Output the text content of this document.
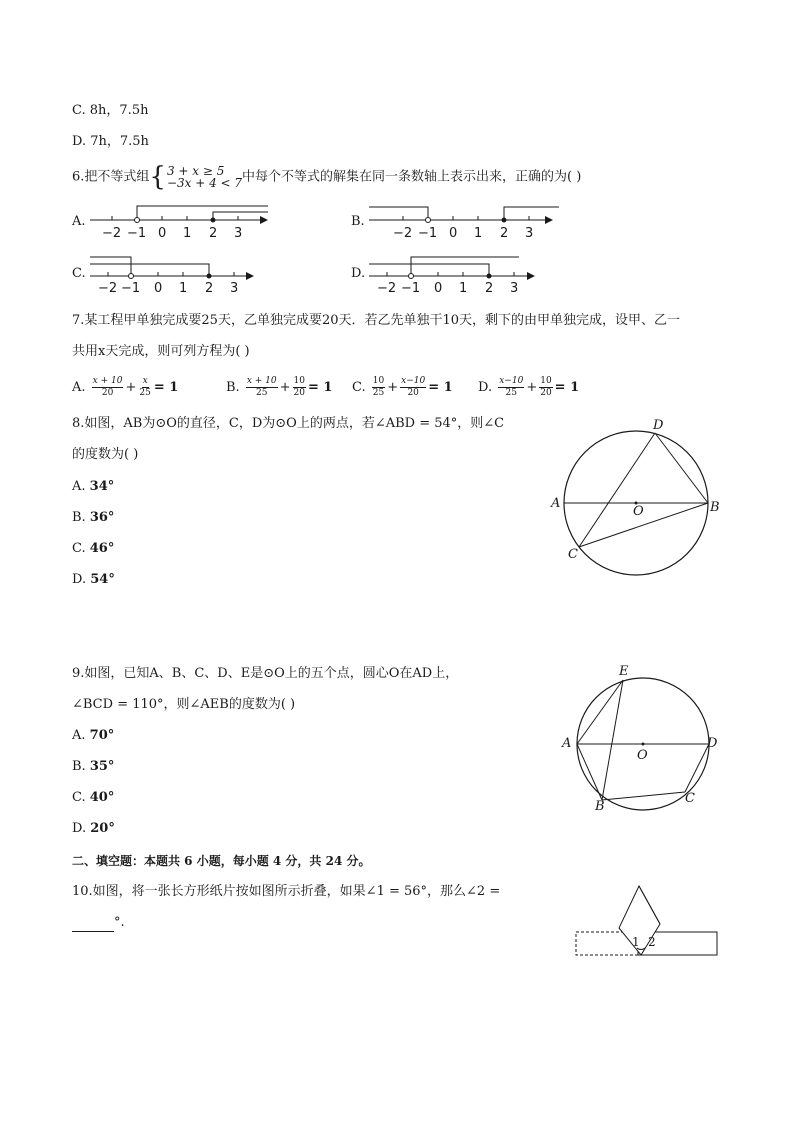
C. 8h，7.5h
D. 7h，7.5h
6.把不等式组 { 3 + x ≥ 5
−3x + 4 < 7 中每个不等式的解集在同一条数轴上表示出来，正确的为( )
A.	B.
C.	D.
−2 −1 0 1 2 3	−2 −1 0 1 2 3
−2 −1 0 1 2 3	−2 −1 0 1 2 3
7.某工程甲单独完成要25天，乙单独完成要20天．若乙先单独干10天，剩下的由甲单独完成，设甲、乙一
共用x天完成，则可列方程为( )
A. $\frac{x + 10}{20} + \frac{x}{25} = 1$	B. $\frac{x + 10}{25} + \frac{10}{20} = 1$ C. $\frac{10}{25} + \frac{x-10}{20} = 1$ D. $\frac{x-10}{25} + \frac{10}{20} = 1$
8.如图，AB为⊙O的直径，C，D为⊙O上的两点，若∠ABD = 54°，则∠C
的度数为( )
A. 34°
B. 36°
C. 46°
D. 54°
A	B
C
D
O
9.如图，已知A、B、C、D、E是⊙O上的五个点，圆心O在AD上，
∠BCD = 110°，则∠AEB的度数为( )
A. 70°
B. 35°
C. 40°
D. 20°
A
B
C
D
E
O
二、填空题：本题共 6 小题，每小题 4 分，共 24 分。
10.如图，将一张长方形纸片按如图所示折叠，如果∠1 = 56°，那么∠2 =
°.
1 2
